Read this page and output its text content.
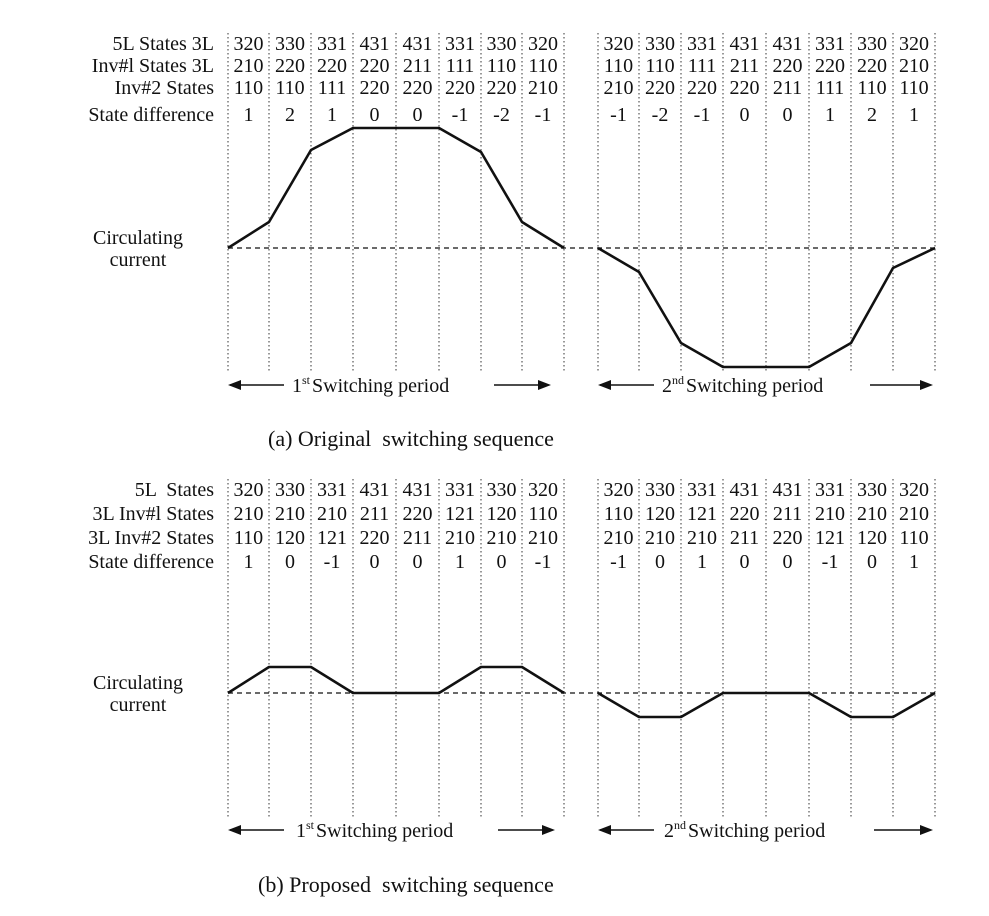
5L States 3L
Inv#l States 3L
Inv#2 States
State difference
320
210
110
1
330
220
110
2
331
220
111
1
431
220
220
0
431
211
220
0
331
111
220
-1
330
110
220
-2
320
110
210
-1
320
110
210
-1
330
110
220
-2
331
111
220
-1
431
211
220
0
431
220
211
0
331
220
111
1
330
220
110
2
320
210
110
1
Circulating
current
1st Switching period	2nd Switching period
(a) Original  switching sequence
5L  States
3L Inv#l States
3L Inv#2 States
State difference
320
210
110
1
330
210
120
0
331
210
121
-1
431
211
220
0
431
220
211
0
331
121
210
1
330
120
210
0
320
110
210
-1
320
110
210
-1
330
120
210
0
331
121
210
1
431
220
211
0
431
211
220
0
331
210
121
-1
330
210
120
0
320
210
110
1
Circulating
current
1st Switching period	2nd Switching period
(b) Proposed  switching sequence
